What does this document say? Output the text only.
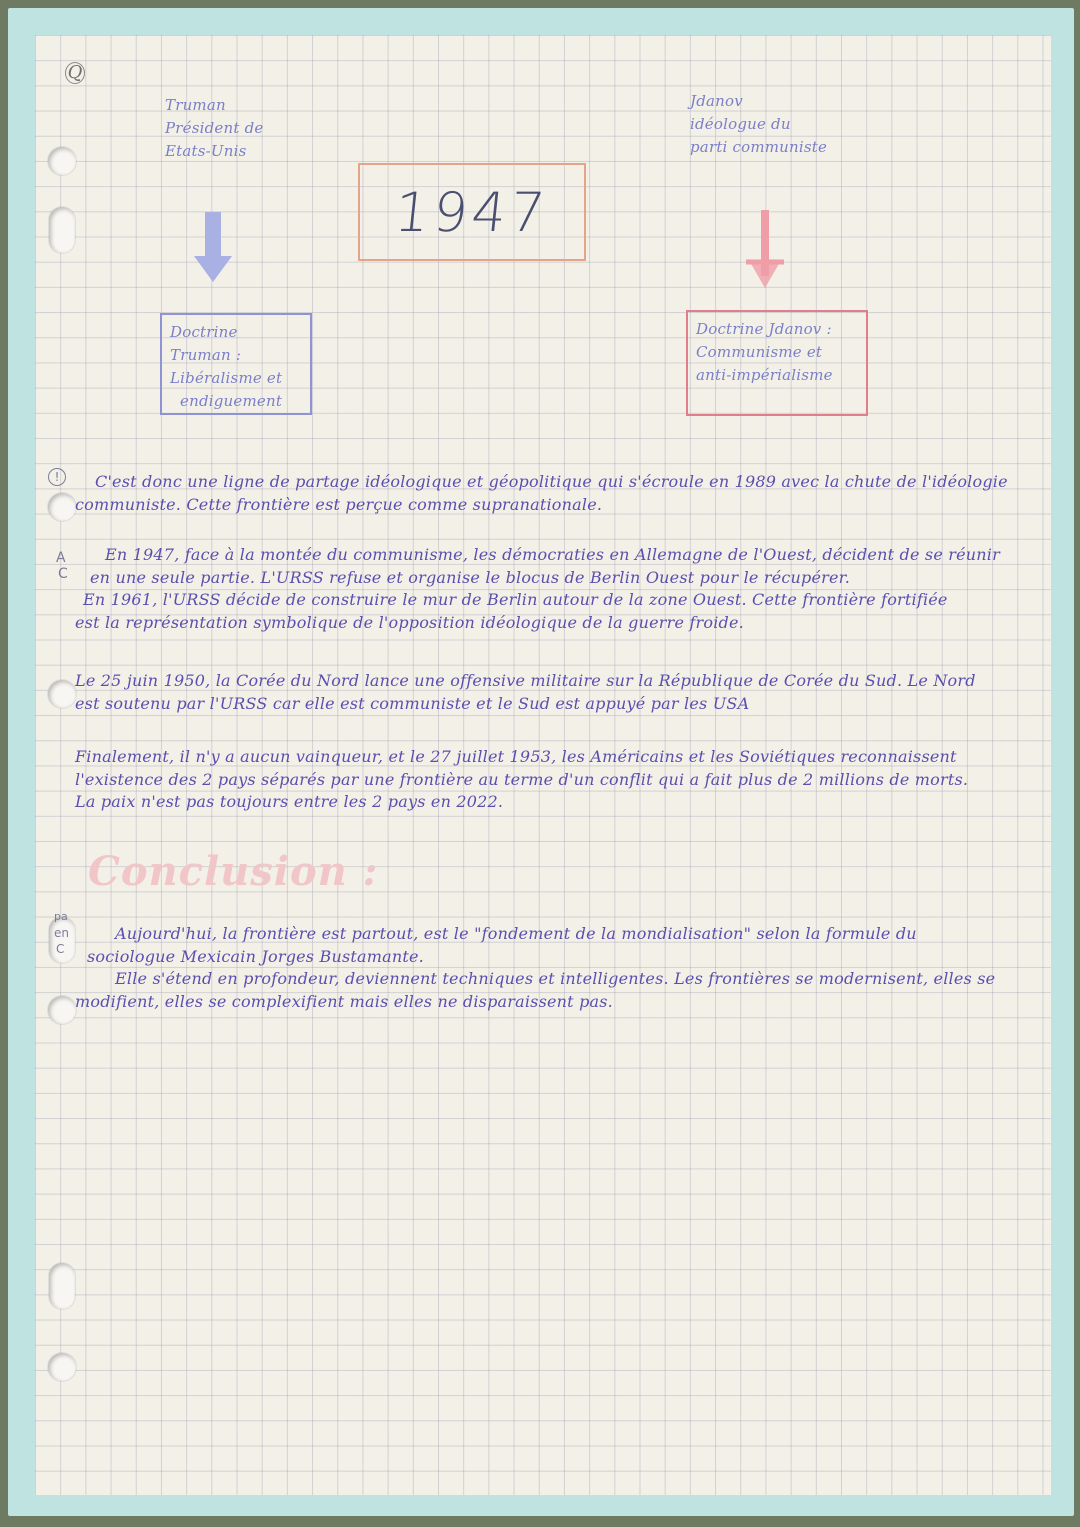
Q
Truman
Président de
Etats-Unis
Jdanov
idéologue du
parti communiste
1947
Doctrine Truman :
Libéralisme et
endiguement
Doctrine Jdanov :
Communisme et
anti-impérialisme
!
A
C
pa
en
C
C'est donc une ligne de partage idéologique et géopolitique qui s'écroule en 1989 avec la chute de l'idéologie
communiste. Cette frontière est perçue comme supranationale.
En 1947, face à la montée du communisme, les démocraties en Allemagne de l'Ouest, décident de se réunir
en une seule partie. L'URSS refuse et organise le blocus de Berlin Ouest pour le récupérer.
En 1961, l'URSS décide de construire le mur de Berlin autour de la zone Ouest. Cette frontière fortifiée
est la représentation symbolique de l'opposition idéologique de la guerre froide.
Le 25 juin 1950, la Corée du Nord lance une offensive militaire sur la République de Corée du Sud. Le Nord
est soutenu par l'URSS car elle est communiste et le Sud est appuyé par les USA
Finalement, il n'y a aucun vainqueur, et le 27 juillet 1953, les Américains et les Soviétiques reconnaissent
l'existence des 2 pays séparés par une frontière au terme d'un conflit qui a fait plus de 2 millions de morts.
La paix n'est pas toujours entre les 2 pays en 2022.
Conclusion :
Aujourd'hui, la frontière est partout, est le "fondement de la mondialisation" selon la formule du
sociologue Mexicain Jorges Bustamante.
Elle s'étend en profondeur, deviennent techniques et intelligentes. Les frontières se modernisent, elles se
modifient, elles se complexifient mais elles ne disparaissent pas.
